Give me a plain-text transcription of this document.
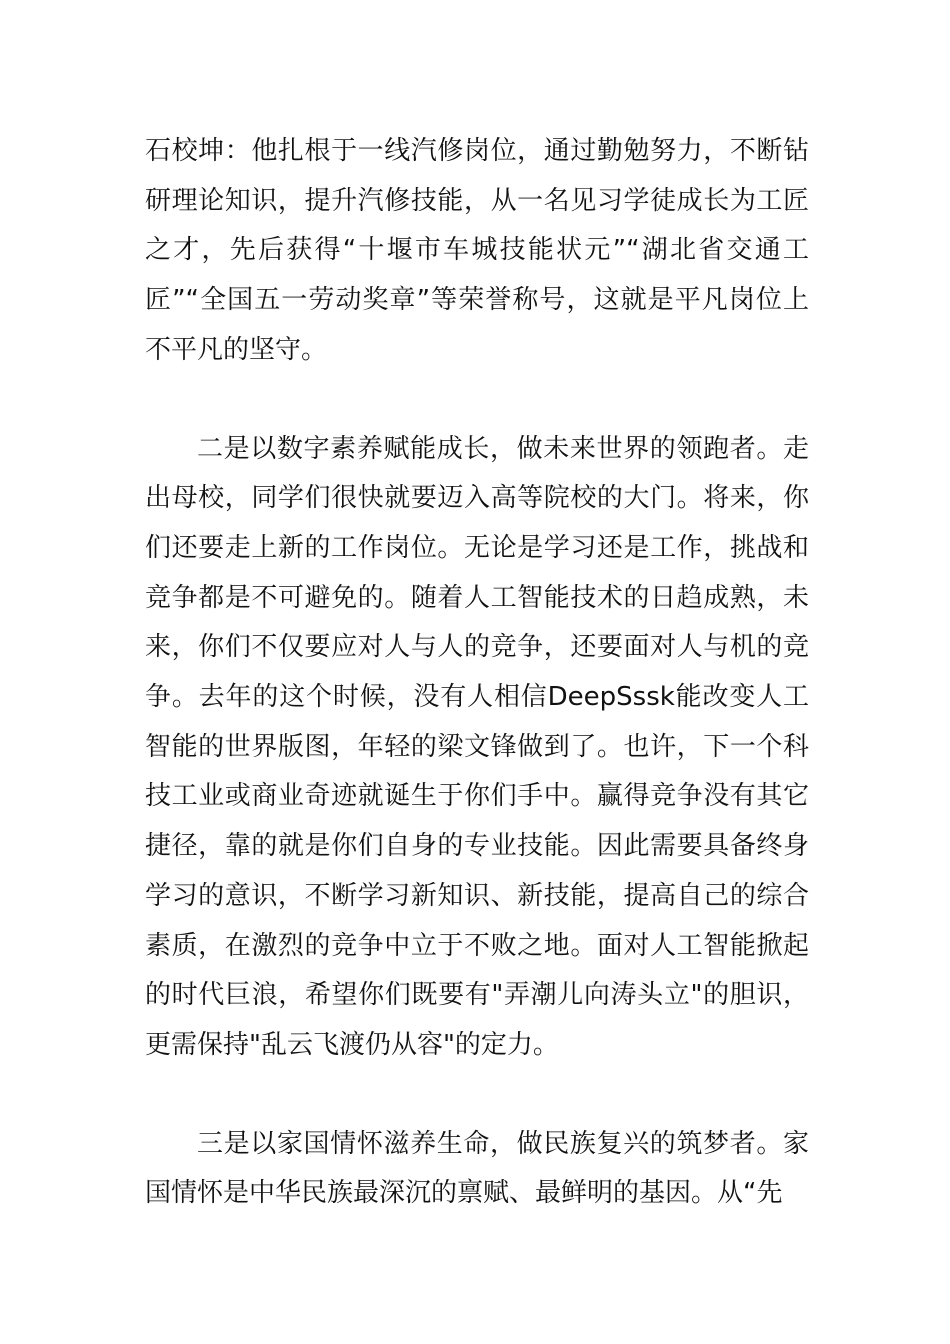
石校坤：他扎根于一线汽修岗位，通过勤勉努力，不断钻研理论知识，提升汽修技能，从一名见习学徒成长为工匠之才，先后获得“十堰市车城技能状元”“湖北省交通工匠”“全国五一劳动奖章”等荣誉称号，这就是平凡岗位上不平凡的坚守。

二是以数字素养赋能成长，做未来世界的领跑者。走出母校，同学们很快就要迈入高等院校的大门。将来，你们还要走上新的工作岗位。无论是学习还是工作，挑战和竞争都是不可避免的。随着人工智能技术的日趋成熟，未来，你们不仅要应对人与人的竞争，还要面对人与机的竞争。去年的这个时候，没有人相信DeepSssk能改变人工智能的世界版图，年轻的梁文锋做到了。也许，下一个科技工业或商业奇迹就诞生于你们手中。赢得竞争没有其它捷径，靠的就是你们自身的专业技能。因此需要具备终身学习的意识，不断学习新知识、新技能，提高自己的综合素质，在激烈的竞争中立于不败之地。面对人工智能掀起的时代巨浪，希望你们既要有"弄潮儿向涛头立"的胆识，更需保持"乱云飞渡仍从容"的定力。

三是以家国情怀滋养生命，做民族复兴的筑梦者。家国情怀是中华民族最深沉的禀赋、最鲜明的基因。从“先
